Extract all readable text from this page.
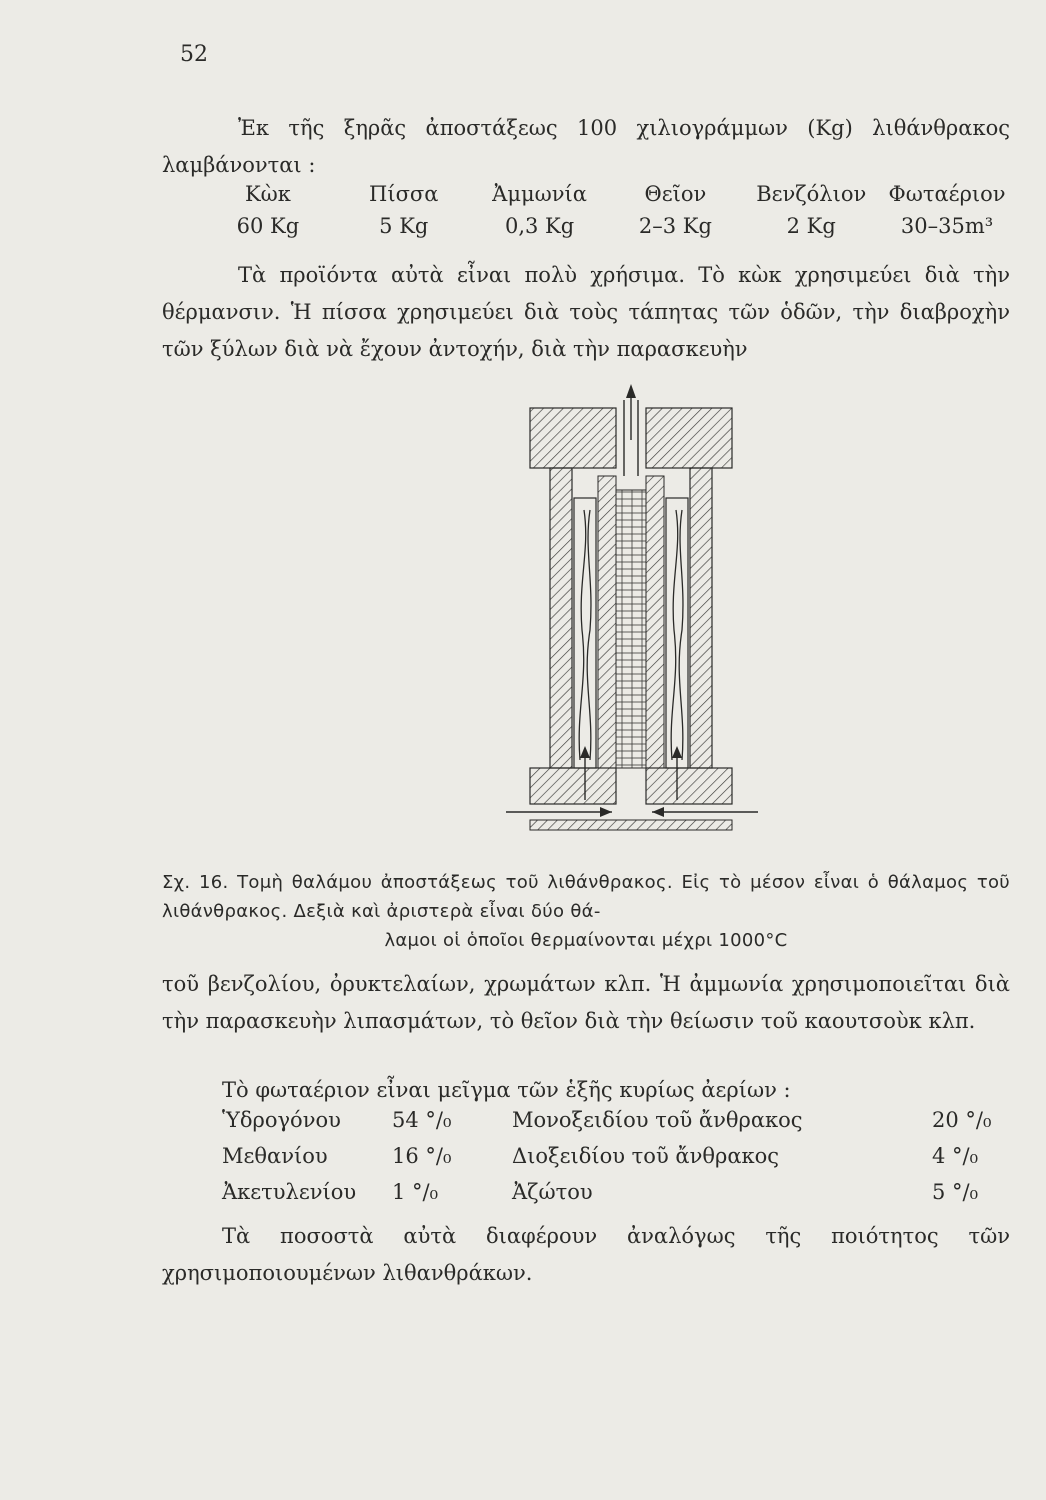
52
Ἐκ τῆς ξηρᾶς ἀποστάξεως 100 χιλιογράμμων (Kg) λιθάνθρακος λαμβάνονται :
Κὼκ	Πίσσα	Ἀμμωνία	Θεῖον	Βενζόλιον	Φωταέριον
60 Kg	5 Kg	0,3 Kg	2–3 Kg	2 Kg	30–35m³
Τὰ προϊόντα αὐτὰ εἶναι πολὺ χρήσιμα. Τὸ κὼκ χρησιμεύει διὰ τὴν θέρμανσιν. Ἡ πίσσα χρησιμεύει διὰ τοὺς τάπητας τῶν ὁδῶν, τὴν διαβροχὴν τῶν ξύλων διὰ νὰ ἔχουν ἀντοχήν, διὰ τὴν παρασκευὴν
Σχ. 16. Τομὴ θαλάμου ἀποστάξεως τοῦ λιθάνθρακος. Εἰς τὸ μέσον εἶναι ὁ θάλαμος τοῦ λιθάνθρακος. Δεξιὰ καὶ ἀριστερὰ εἶναι δύο θά-
λαμοι οἱ ὁποῖοι θερμαίνονται μέχρι 1000°C
τοῦ βενζολίου, ὀρυκτελαίων, χρωμάτων κλπ. Ἡ ἀμμωνία χρησιμοποιεῖται διὰ τὴν παρασκευὴν λιπασμάτων, τὸ θεῖον διὰ τὴν θείωσιν τοῦ καουτσοὺκ κλπ.
Τὸ φωταέριον εἶναι μεῖγμα τῶν ἑξῆς κυρίως ἀερίων :
Ὑδρογόνου	54 °/₀	Μονοξειδίου τοῦ ἄνθρακος	20 °/₀
Μεθανίου	16 °/₀	Διοξειδίου τοῦ ἄνθρακος	4 °/₀
Ἀκετυλενίου	1 °/₀	Ἀζώτου	5 °/₀
Τὰ ποσοστὰ αὐτὰ διαφέρουν ἀναλόγως τῆς ποιότητος τῶν χρησιμοποιουμένων λιθανθράκων.
